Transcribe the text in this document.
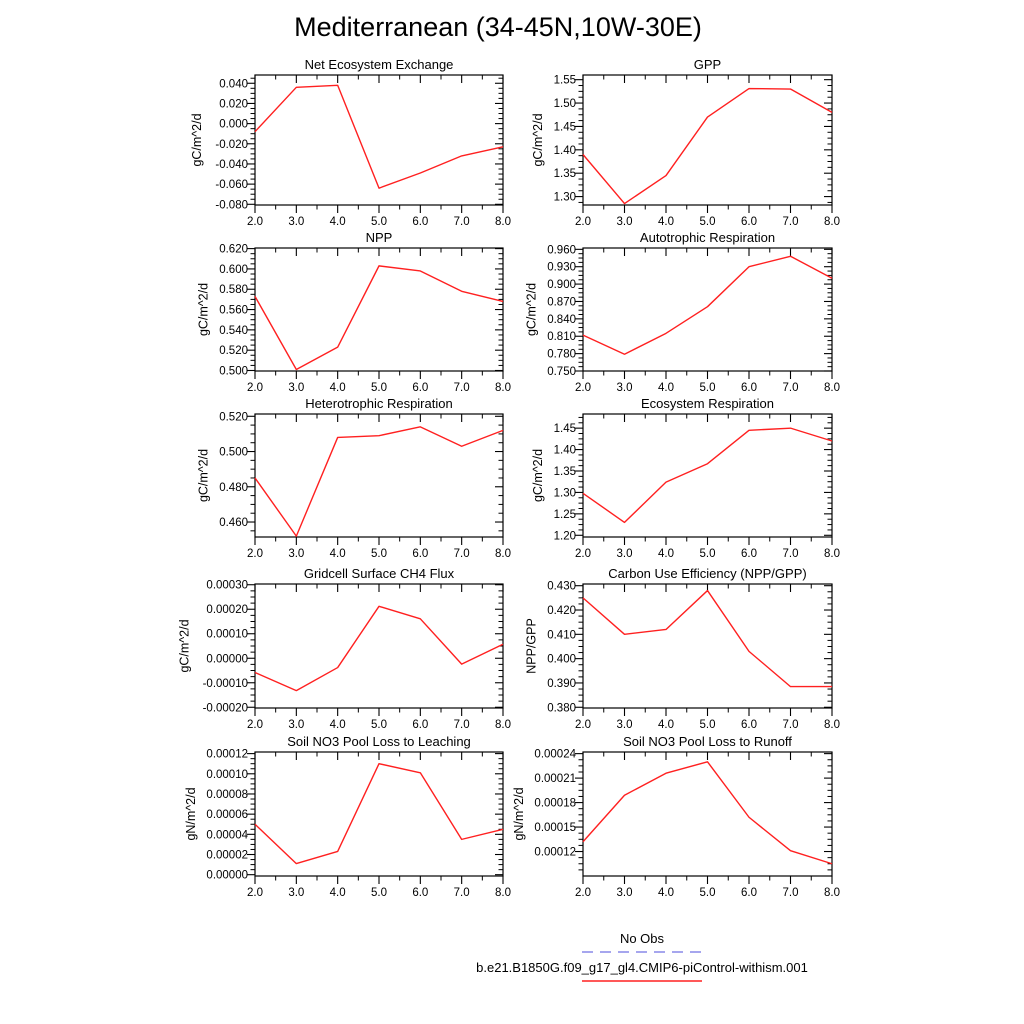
Mediterranean (34-45N,10W-30E)
Net Ecosystem Exchange
2.0 3.0 4.0 5.0 6.0 7.0 8.0
-0.080
-0.060
-0.040
-0.020
0.000
0.020
0.040
gC/m^2/d
GPP
2.0 3.0 4.0 5.0 6.0 7.0 8.0
1.30
1.35
1.40
1.45
1.50
1.55
gC/m^2/d
NPP
2.0 3.0 4.0 5.0 6.0 7.0 8.0
0.500
0.520
0.540
0.560
0.580
0.600
0.620
gC/m^2/d
Autotrophic Respiration
2.0 3.0 4.0 5.0 6.0 7.0 8.0
0.750
0.780
0.810
0.840
0.870
0.900
0.930
0.960
gC/m^2/d
Heterotrophic Respiration
2.0 3.0 4.0 5.0 6.0 7.0 8.0
0.460
0.480
0.500
0.520
gC/m^2/d
Ecosystem Respiration
2.0 3.0 4.0 5.0 6.0 7.0 8.0
1.20
1.25
1.30
1.35
1.40
1.45
gC/m^2/d
Gridcell Surface CH4 Flux
2.0 3.0 4.0 5.0 6.0 7.0 8.0
-0.00020
-0.00010
0.00000
0.00010
0.00020
0.00030
gC/m^2/d
Carbon Use Efficiency (NPP/GPP)
2.0 3.0 4.0 5.0 6.0 7.0 8.0
0.380
0.390
0.400
0.410
0.420
0.430
NPP/GPP
Soil NO3 Pool Loss to Leaching
2.0 3.0 4.0 5.0 6.0 7.0 8.0
0.00000
0.00002
0.00004
0.00006
0.00008
0.00010
0.00012
gN/m^2/d
Soil NO3 Pool Loss to Runoff
2.0 3.0 4.0 5.0 6.0 7.0 8.0
0.00012
0.00015
0.00018
0.00021
0.00024
gN/m^2/d
No Obs
b.e21.B1850G.f09_g17_gl4.CMIP6-piControl-withism.001
